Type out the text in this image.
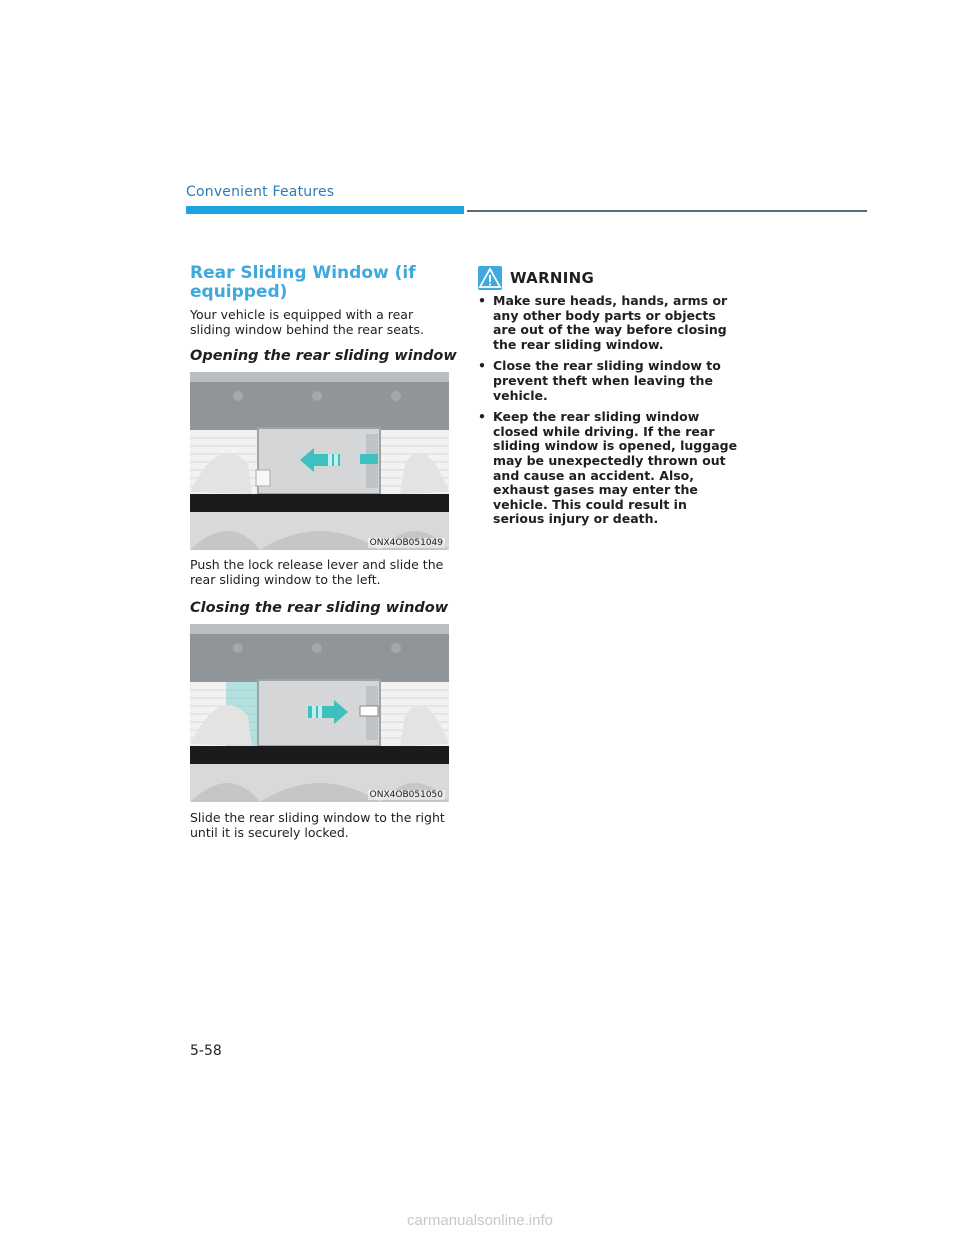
Convenient Features
Rear Sliding Window (if equipped)
Your vehicle is equipped with a rear sliding window behind the rear seats.
Opening the rear sliding window
ONX4OB051049
Push the lock release lever and slide the rear sliding window to the left.
Closing the rear sliding window
ONX4OB051050
Slide the rear sliding window to the right until it is securely locked.
WARNING
• Make sure heads, hands, arms or any other body parts or objects are out of the way before closing the rear sliding window.
• Close the rear sliding window to prevent theft when leaving the vehicle.
• Keep the rear sliding window closed while driving. If the rear sliding window is opened, luggage may be unexpectedly thrown out and cause an accident. Also, exhaust gases may enter the vehicle. This could result in serious injury or death.
5-58
carmanualsonline.info
